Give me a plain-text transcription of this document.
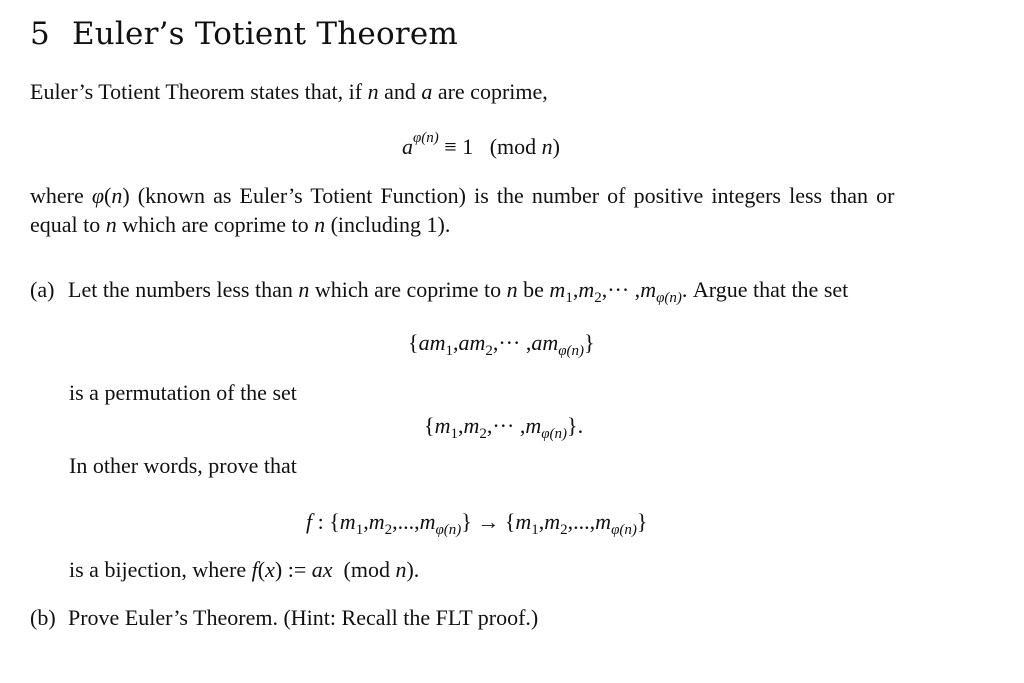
5 Euler’s Totient Theorem
Euler’s Totient Theorem states that, if n and a are coprime,
$a^{\varphi(n)} \equiv 1$   (mod n)
where φ(n) (known as Euler’s Totient Function) is the number of positive integers less than or
equal to n which are coprime to n (including 1).
(a) Let the numbers less than n which are coprime to n be $m_1,m_2,\cdot\cdot\cdot ,m_{\varphi(n)}$. Argue that the set
$\{am_1,am_2,\cdot\cdot\cdot ,am_{\varphi(n)}\}$
is a permutation of the set
$\{m_1,m_2,\cdot\cdot\cdot ,m_{\varphi(n)}\}$.
In other words, prove that
f : $\{m_1,m_2,...,m_{\varphi(n)}\} \to \{m_1,m_2,...,m_{\varphi(n)}\}$
is a bijection, where f(x) := ax  (mod n).
(b) Prove Euler’s Theorem. (Hint: Recall the FLT proof.)
